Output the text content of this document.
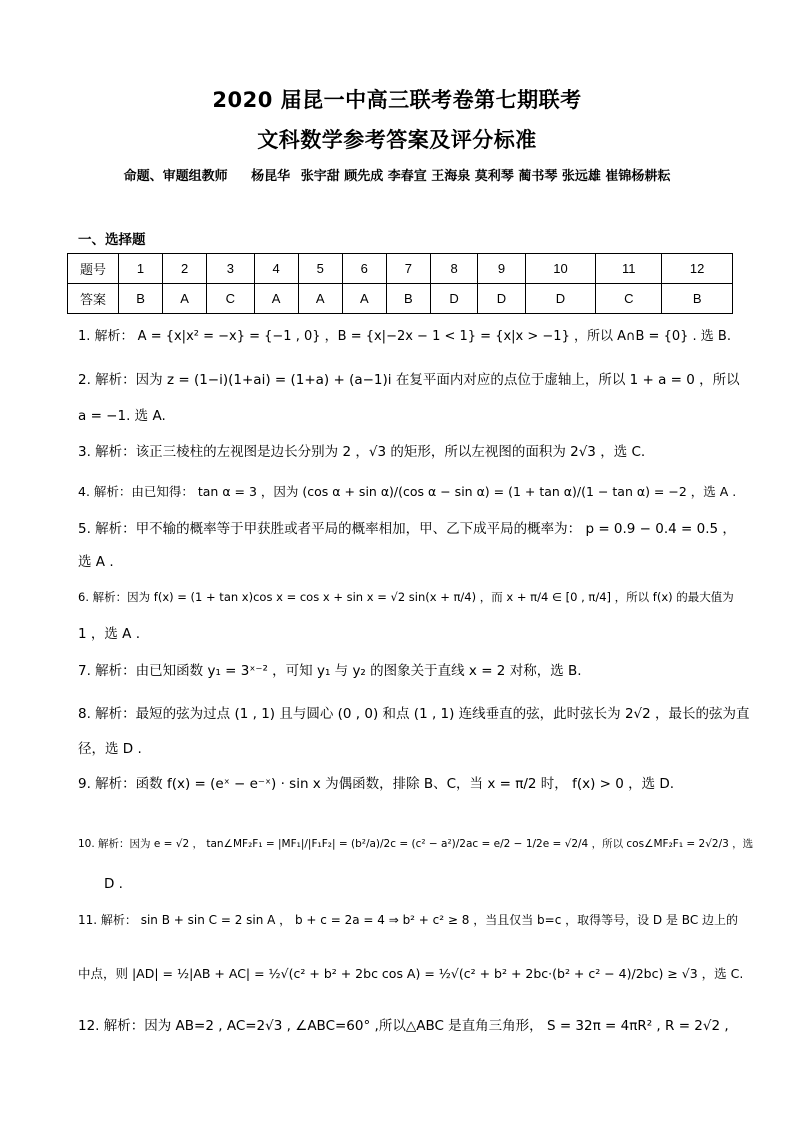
2020 届昆一中高三联考卷第七期联考
文科数学参考答案及评分标准
命题、审题组教师 杨昆华 张宇甜 顾先成 李春宣 王海泉 莫利琴 蔺书琴 张远雄 崔锦杨耕耘
一、选择题
题号	1	2	3	4	5	6	7	8	9	10	11	12
答案	B	A	C	A	A	A	B	D	D	D	C	B
1. 解析： A = {x|x² = −x} = {−1 , 0} ，B = {x|−2x − 1 < 1} = {x|x > −1} ，所以 A∩B = {0} . 选 B.
2. 解析：因为 z = (1−i)(1+ai) = (1+a) + (a−1)i 在复平面内对应的点位于虚轴上，所以 1 + a = 0 ，所以
a = −1. 选 A.
3. 解析：该正三棱柱的左视图是边长分别为 2 ，√3 的矩形，所以左视图的面积为 2√3 ，选 C.
4. 解析：由已知得： tan α = 3 ，因为 (cos α + sin α)/(cos α − sin α) = (1 + tan α)/(1 − tan α) = −2 ，选 A .
5. 解析：甲不输的概率等于甲获胜或者平局的概率相加，甲、乙下成平局的概率为： p = 0.9 − 0.4 = 0.5 ，
选 A .
6. 解析：因为 f(x) = (1 + tan x)cos x = cos x + sin x = √2 sin(x + π/4) ，而 x + π/4 ∈ [0 , π/4] ，所以 f(x) 的最大值为
1 ，选 A .
7. 解析：由已知函数 y₁ = 3ˣ⁻² ，可知 y₁ 与 y₂ 的图象关于直线 x = 2 对称，选 B.
8. 解析：最短的弦为过点 (1 , 1) 且与圆心 (0 , 0) 和点 (1 , 1) 连线垂直的弦，此时弦长为 2√2 ，最长的弦为直
径，选 D .
9. 解析：函数 f(x) = (eˣ − e⁻ˣ) · sin x 为偶函数，排除 B、C，当 x = π/2 时， f(x) > 0 ，选 D.
10. 解析：因为 e = √2 ， tan∠MF₂F₁ = |MF₁|/|F₁F₂| = (b²/a)/2c = (c² − a²)/2ac = e/2 − 1/2e = √2/4 ，所以 cos∠MF₂F₁ = 2√2/3 ，选
D .
11. 解析： sin B + sin C = 2 sin A ， b + c = 2a = 4 ⇒ b² + c² ≥ 8 ，当且仅当 b=c ，取得等号，设 D 是 BC 边上的
中点，则 |AD| = ½|AB + AC| = ½√(c² + b² + 2bc cos A) = ½√(c² + b² + 2bc·(b² + c² − 4)/2bc) ≥ √3 ，选 C.
12. 解析：因为 AB=2 , AC=2√3 , ∠ABC=60° ,所以△ABC 是直角三角形， S = 32π = 4πR² , R = 2√2 ,
